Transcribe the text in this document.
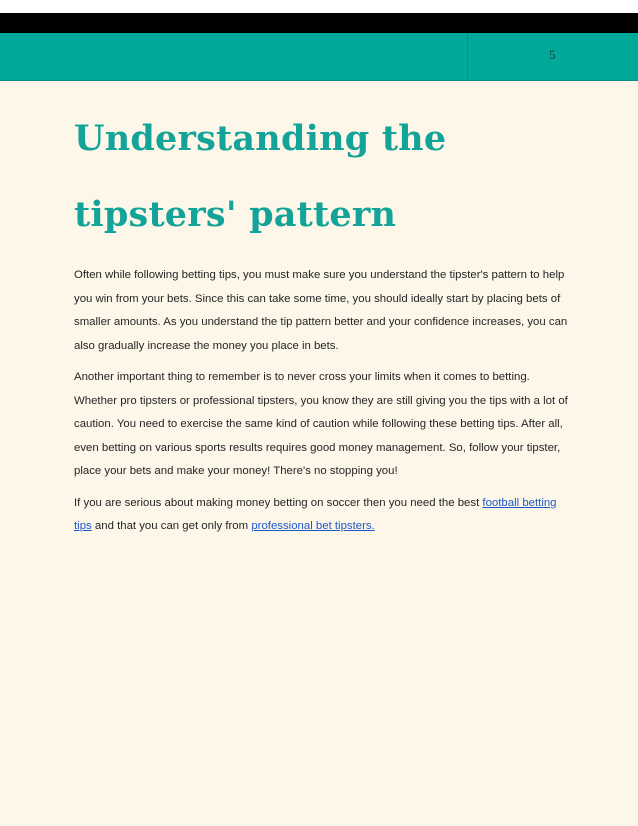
5
Understanding the tipsters' pattern

Often while following betting tips, you must make sure you understand the tipster's pattern to help you win from your bets. Since this can take some time, you should ideally start by placing bets of smaller amounts. As you understand the tip pattern better and your confidence increases, you can also gradually increase the money you place in bets.

Another important thing to remember is to never cross your limits when it comes to betting. Whether pro tipsters or professional tipsters, you know they are still giving you the tips with a lot of caution. You need to exercise the same kind of caution while following these betting tips. After all, even betting on various sports results requires good money management. So, follow your tipster, place your bets and make your money! There's no stopping you!

If you are serious about making money betting on soccer then you need the best football betting tips and that you can get only from professional bet tipsters.
